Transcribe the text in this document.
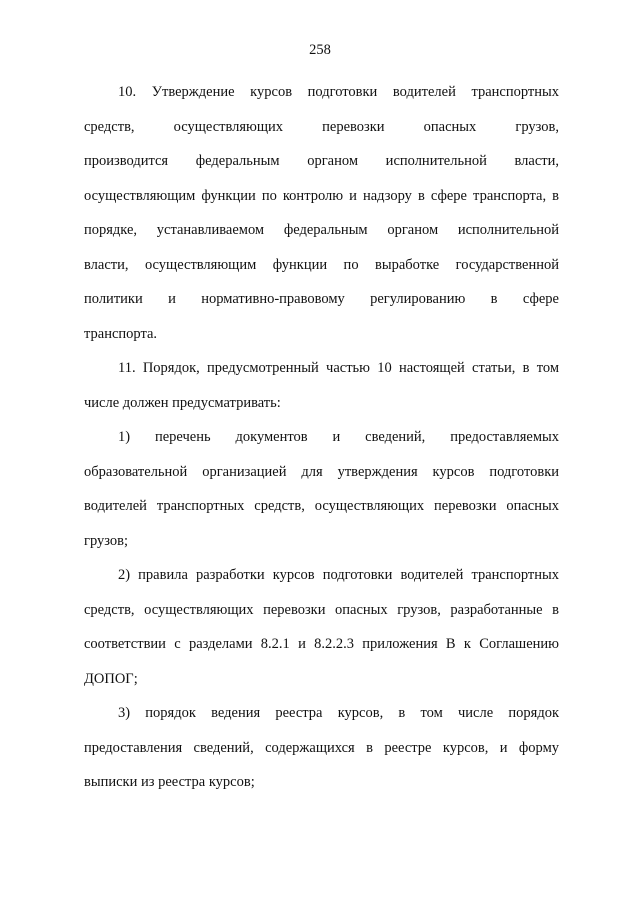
258
10. Утверждение курсов подготовки водителей транспортных
средств, осуществляющих перевозки опасных грузов,
производится федеральным органом исполнительной власти,
осуществляющим функции по контролю и надзору в сфере транспорта, в
порядке, устанавливаемом федеральным органом исполнительной
власти, осуществляющим функции по выработке государственной
политики и нормативно-правовому регулированию в сфере
транспорта.
11. Порядок, предусмотренный частью 10 настоящей статьи, в том
числе должен предусматривать:
1) перечень документов и сведений, предоставляемых
образовательной организацией для утверждения курсов подготовки
водителей транспортных средств, осуществляющих перевозки опасных
грузов;
2) правила разработки курсов подготовки водителей транспортных
средств, осуществляющих перевозки опасных грузов, разработанные в
соответствии с разделами 8.2.1 и 8.2.2.3 приложения В к Соглашению
ДОПОГ;
3) порядок ведения реестра курсов, в том числе порядок
предоставления сведений, содержащихся в реестре курсов, и форму
выписки из реестра курсов;
